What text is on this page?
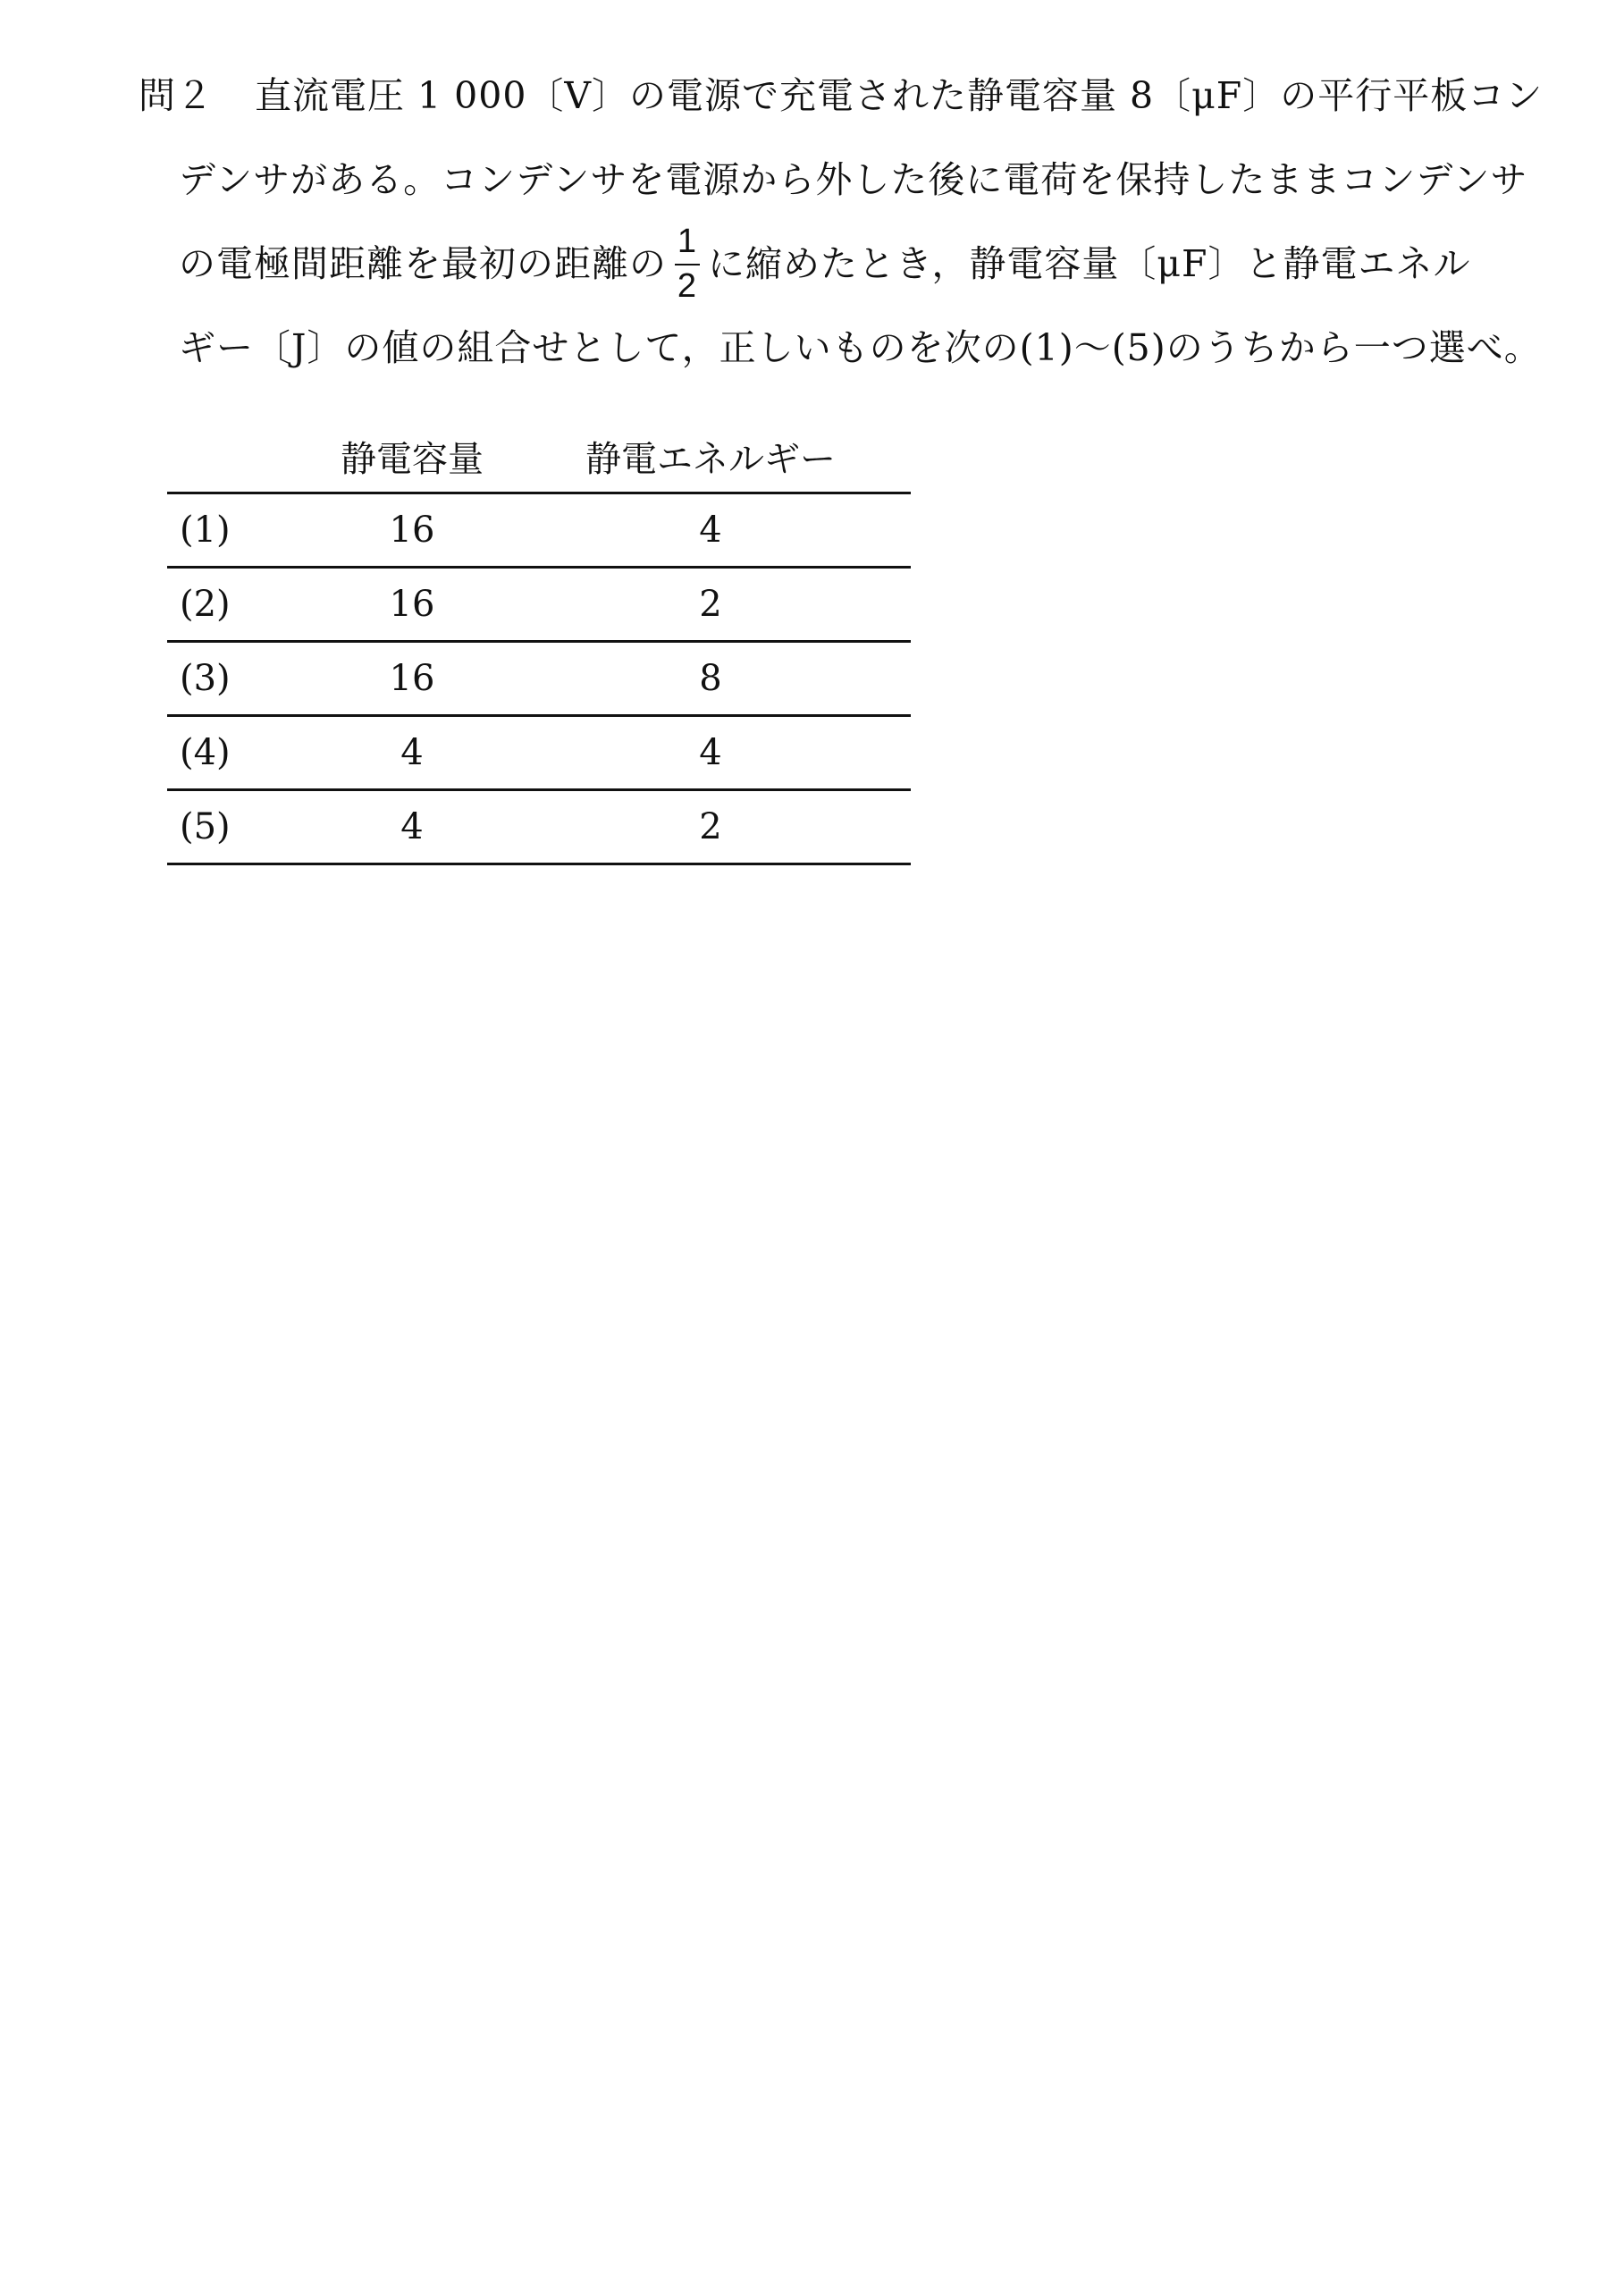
問２ 直流電圧 1 000〔V〕の電源で充電された静電容量 8〔μF〕の平行平板コン
デンサがある。コンデンサを電源から外した後に電荷を保持したままコンデンサ
の電極間距離を最初の距離の $\frac{1}{2}$ に縮めたとき，静電容量〔μF〕と静電エネル
ギー〔J〕の値の組合せとして，正しいものを次の(1)～(5)のうちから一つ選べ。
	静電容量	静電エネルギー
(1)	16	4
(2)	16	2
(3)	16	8
(4)	4	4
(5)	4	2
